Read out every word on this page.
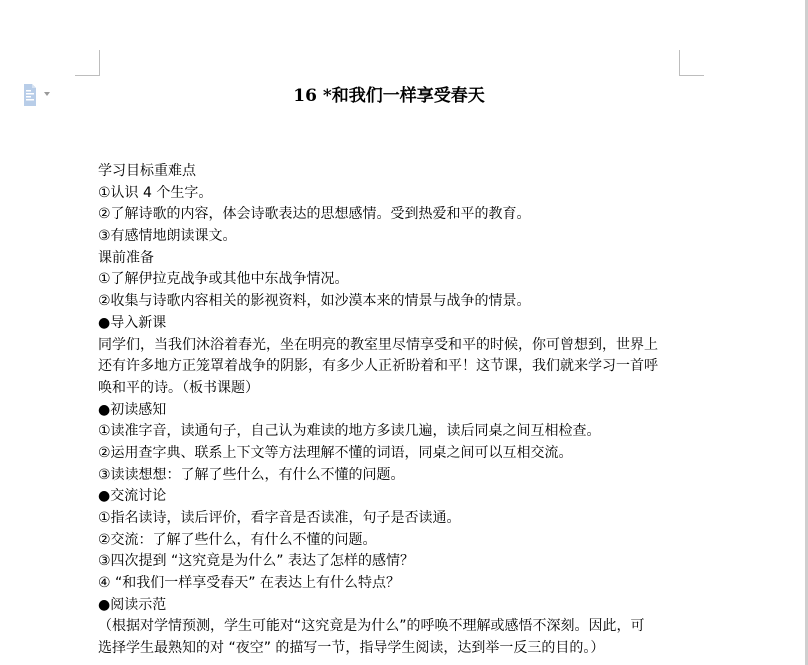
16 *和我们一样享受春天
学习目标重难点
①认识 4 个生字。
②了解诗歌的内容，体会诗歌表达的思想感情。受到热爱和平的教育。
③有感情地朗读课文。
课前准备
①了解伊拉克战争或其他中东战争情况。
②收集与诗歌内容相关的影视资料，如沙漠本来的情景与战争的情景。
●导入新课
同学们，当我们沐浴着春光，坐在明亮的教室里尽情享受和平的时候，你可曾想到，世界上
还有许多地方正笼罩着战争的阴影，有多少人正祈盼着和平！这节课，我们就来学习一首呼
唤和平的诗。（板书课题）
●初读感知
①读准字音，读通句子，自己认为难读的地方多读几遍，读后同桌之间互相检查。
②运用查字典、联系上下文等方法理解不懂的词语，同桌之间可以互相交流。
③读读想想：了解了些什么，有什么不懂的问题。
●交流讨论
①指名读诗，读后评价，看字音是否读准，句子是否读通。
②交流：了解了些什么，有什么不懂的问题。
③四次提到 “这究竟是为什么” 表达了怎样的感情？
④ “和我们一样享受春天” 在表达上有什么特点？
●阅读示范
（根据对学情预测，学生可能对“这究竟是为什么”的呼唤不理解或感悟不深刻。因此，可
选择学生最熟知的对 “夜空” 的描写一节，指导学生阅读，达到举一反三的目的。）
